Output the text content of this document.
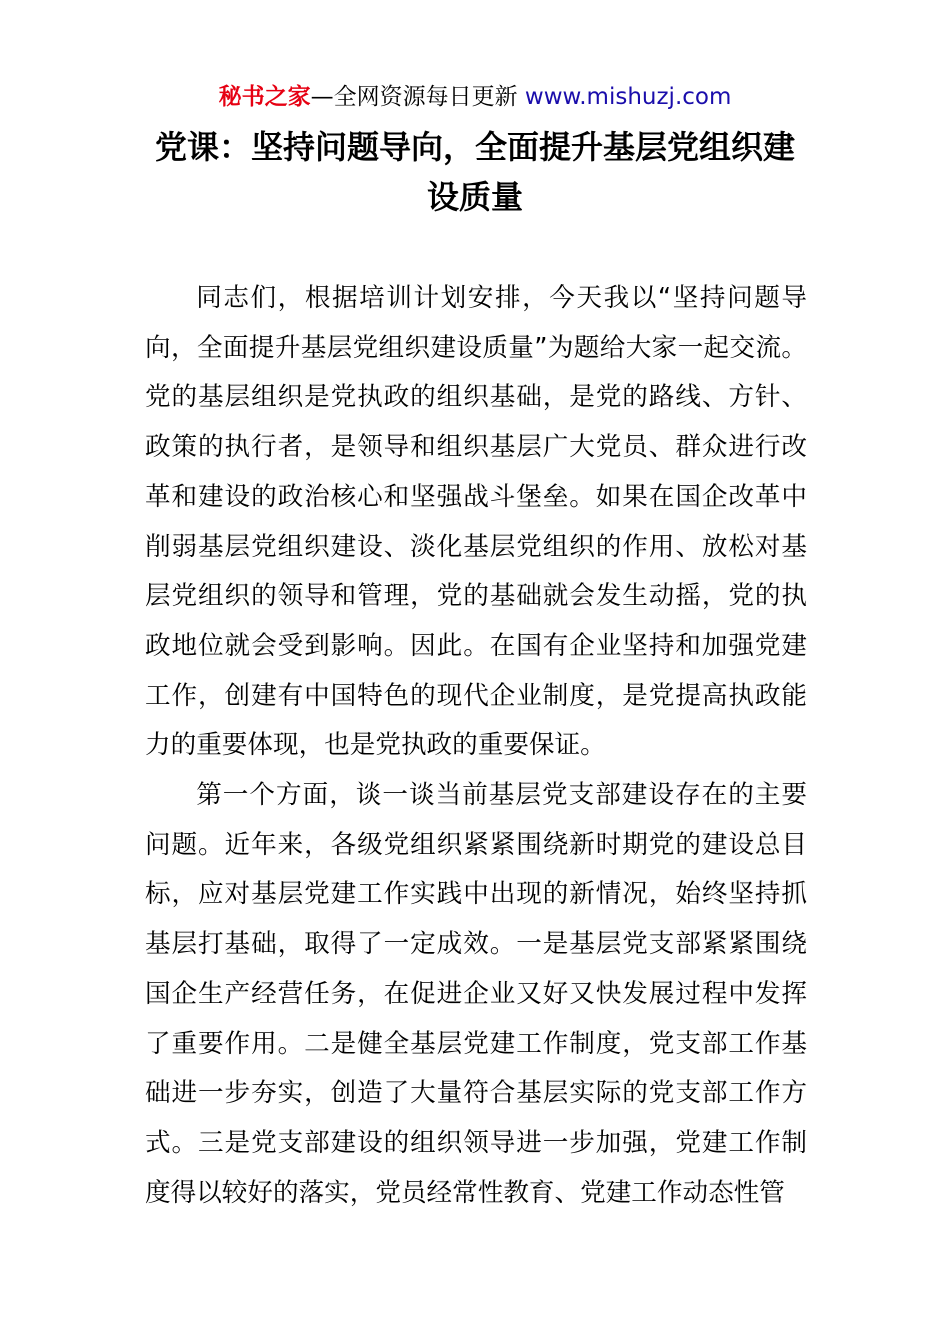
秘书之家—全网资源每日更新 www.mishuzj.com
党课：坚持问题导向，全面提升基层党组织建设质量

同志们，根据培训计划安排，今天我以“坚持问题导向，全面提升基层党组织建设质量”为题给大家一起交流。党的基层组织是党执政的组织基础，是党的路线、方针、政策的执行者，是领导和组织基层广大党员、群众进行改革和建设的政治核心和坚强战斗堡垒。如果在国企改革中削弱基层党组织建设、淡化基层党组织的作用、放松对基层党组织的领导和管理，党的基础就会发生动摇，党的执政地位就会受到影响。因此。在国有企业坚持和加强党建工作，创建有中国特色的现代企业制度，是党提高执政能力的重要体现，也是党执政的重要保证。

第一个方面，谈一谈当前基层党支部建设存在的主要问题。近年来，各级党组织紧紧围绕新时期党的建设总目标，应对基层党建工作实践中出现的新情况，始终坚持抓基层打基础，取得了一定成效。一是基层党支部紧紧围绕国企生产经营任务，在促进企业又好又快发展过程中发挥了重要作用。二是健全基层党建工作制度，党支部工作基础进一步夯实，创造了大量符合基层实际的党支部工作方式。三是党支部建设的组织领导进一步加强，党建工作制度得以较好的落实，党员经常性教育、党建工作动态性管
